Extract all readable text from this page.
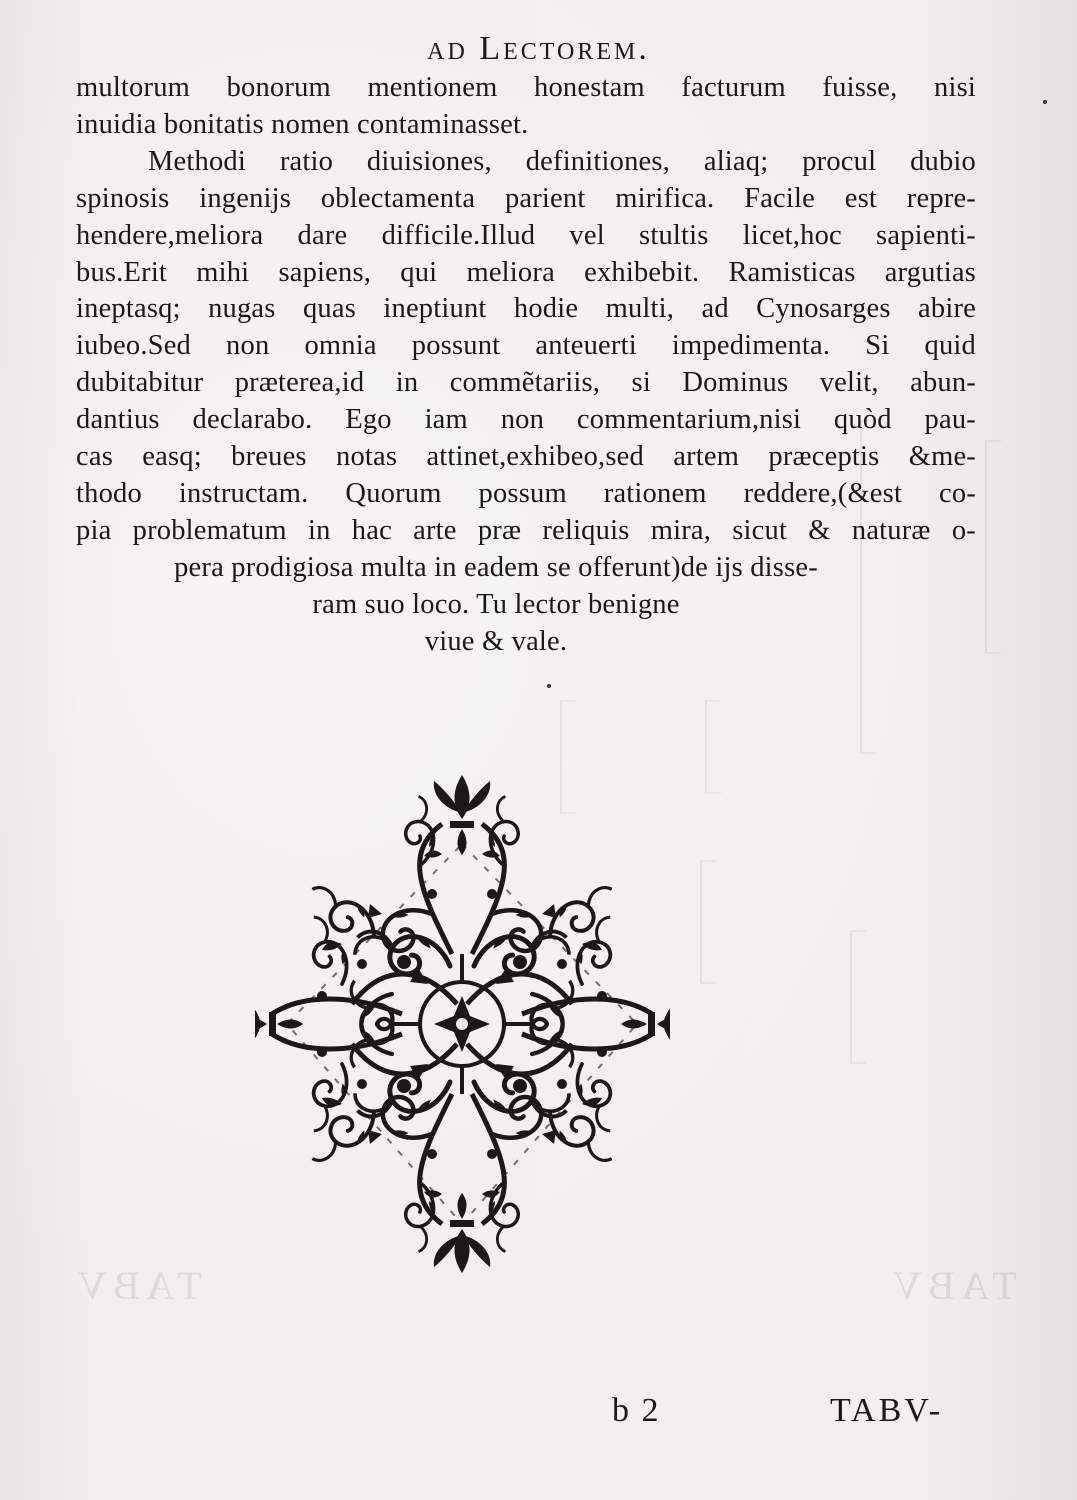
TABV	TABV
ad Lectorem.
multorum bonorum mentionem honestam facturum fuisse, nisi
inuidia bonitatis nomen contaminasset.
Methodi ratio diuisiones, definitiones, aliaq; procul dubio
spinosis ingenijs oblectamenta parient mirifica. Facile est repre-
hendere,meliora dare difficile.Illud vel stultis licet,hoc sapienti-
bus.Erit mihi sapiens, qui meliora exhibebit. Ramisticas argutias
ineptasq; nugas quas ineptiunt hodie multi, ad Cynosarges abire
iubeo.Sed non omnia possunt anteuerti impedimenta. Si quid
dubitabitur præterea,id in commẽtariis, si Dominus velit, abun-
dantius declarabo. Ego iam non commentarium,nisi quòd pau-
cas easq; breues notas attinet,exhibeo,sed artem præceptis &me-
thodo instructam. Quorum possum rationem reddere,(&est co-
pia problematum in hac arte præ reliquis mira, sicut & naturæ o-
pera prodigiosa multa in eadem se offerunt)de ijs disse-
ram suo loco. Tu lector benigne
viue & vale.
b 2	TABV-
